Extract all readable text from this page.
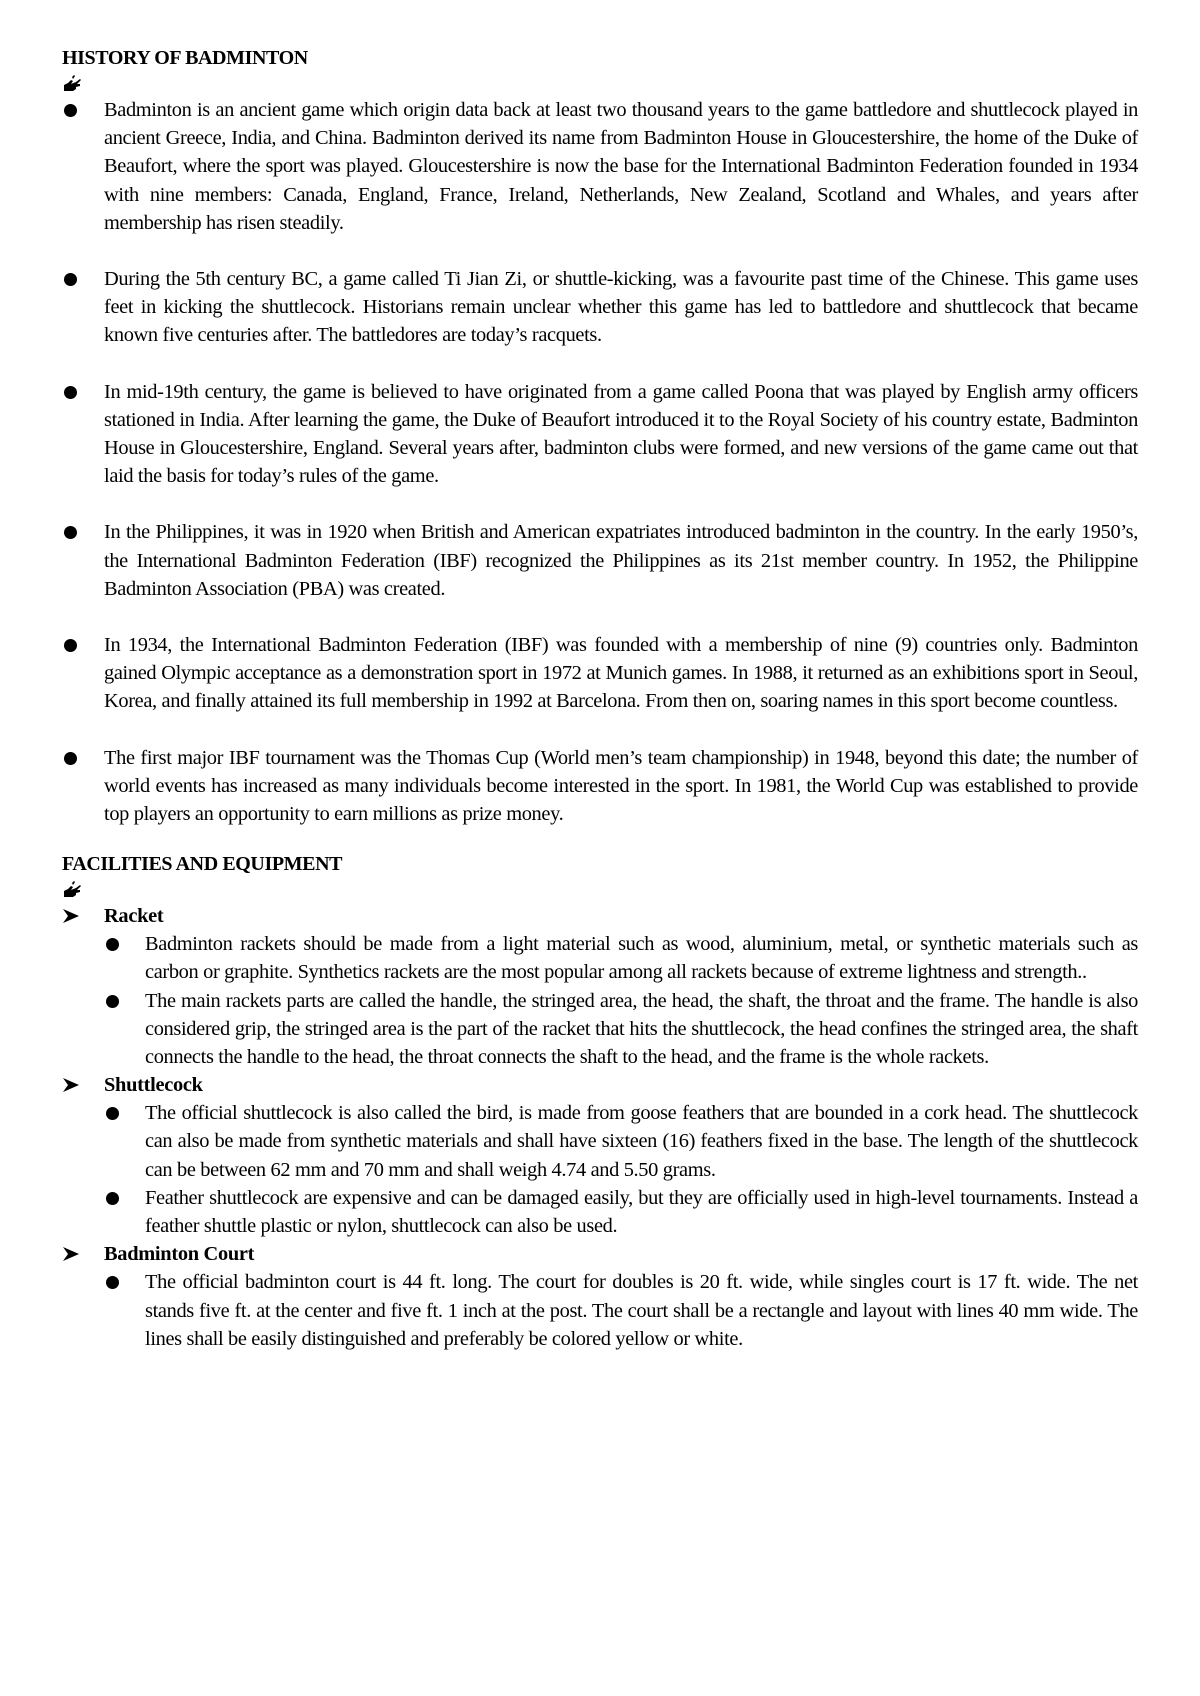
HISTORY OF BADMINTON
Badminton is an ancient game which origin data back at least two thousand years to the game battledore and shuttlecock played in ancient Greece, India, and China. Badminton derived its name from Badminton House in Gloucestershire, the home of the Duke of Beaufort, where the sport was played. Gloucestershire is now the base for the International Badminton Federation founded in 1934 with nine members: Canada, England, France, Ireland, Netherlands, New Zealand, Scotland and Whales, and years after membership has risen steadily.
During the 5th century BC, a game called Ti Jian Zi, or shuttle-kicking, was a favourite past time of the Chinese. This game uses feet in kicking the shuttlecock. Historians remain unclear whether this game has led to battledore and shuttlecock that became known five centuries after. The battledores are today’s racquets.
In mid-19th century, the game is believed to have originated from a game called Poona that was played by English army officers stationed in India. After learning the game, the Duke of Beaufort introduced it to the Royal Society of his country estate, Badminton House in Gloucestershire, England. Several years after, badminton clubs were formed, and new versions of the game came out that laid the basis for today’s rules of the game.
In the Philippines, it was in 1920 when British and American expatriates introduced badminton in the country. In the early 1950’s, the International Badminton Federation (IBF) recognized the Philippines as its 21st member country. In 1952, the Philippine Badminton Association (PBA) was created.
In 1934, the International Badminton Federation (IBF) was founded with a membership of nine (9) countries only. Badminton gained Olympic acceptance as a demonstration sport in 1972 at Munich games. In 1988, it returned as an exhibitions sport in Seoul, Korea, and finally attained its full membership in 1992 at Barcelona. From then on, soaring names in this sport become countless.
The first major IBF tournament was the Thomas Cup (World men’s team championship) in 1948, beyond this date; the number of world events has increased as many individuals become interested in the sport. In 1981, the World Cup was established to provide top players an opportunity to earn millions as prize money.
FACILITIES AND EQUIPMENT
Racket
Badminton rackets should be made from a light material such as wood, aluminium, metal, or synthetic materials such as carbon or graphite. Synthetics rackets are the most popular among all rackets because of extreme lightness and strength..
The main rackets parts are called the handle, the stringed area, the head, the shaft, the throat and the frame. The handle is also considered grip, the stringed area is the part of the racket that hits the shuttlecock, the head confines the stringed area, the shaft connects the handle to the head, the throat connects the shaft to the head, and the frame is the whole rackets.
Shuttlecock
The official shuttlecock is also called the bird, is made from goose feathers that are bounded in a cork head. The shuttlecock can also be made from synthetic materials and shall have sixteen (16) feathers fixed in the base. The length of the shuttlecock can be between 62 mm and 70 mm and shall weigh 4.74 and 5.50 grams.
Feather shuttlecock are expensive and can be damaged easily, but they are officially used in high-level tournaments. Instead a feather shuttle plastic or nylon, shuttlecock can also be used.
Badminton Court
The official badminton court is 44 ft. long. The court for doubles is 20 ft. wide, while singles court is 17 ft. wide. The net stands five ft. at the center and five ft. 1 inch at the post. The court shall be a rectangle and layout with lines 40 mm wide. The lines shall be easily distinguished and preferably be colored yellow or white.
